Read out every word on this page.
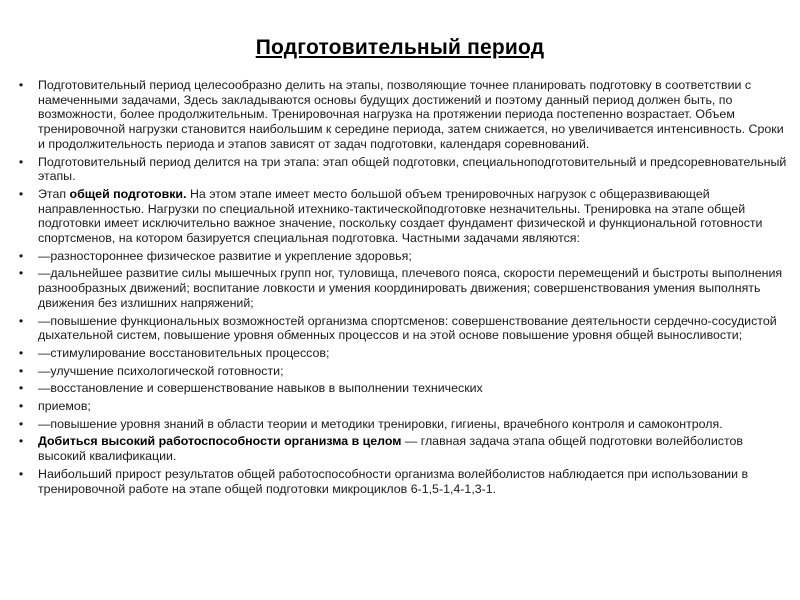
Подготовительный период
•	Подготовительный период целесообразно делить на этапы, позволяющие точнее планировать подготовку в соответствии с намеченными задачами, Здесь закладываются основы будущих достижений и поэтому данный период должен быть, по возможности, более продолжительным. Тренировочная нагрузка на протяжении периода постепенно возрастает. Объем тренировочной нагрузки становится наибольшим к середине периода, затем снижается, но увеличивается интенсивность. Сроки и продолжительность периода и этапов зависят от задач подготовки, календаря соревнований.
•	Подготовительный период делится на три этапа: этап общей подготовки, специальноподготовительный и предсоревновательный этапы.
•	Этап общей подготовки. На этом этапе имеет место большой объем тренировочных нагрузок с общеразвивающей направленностью. Нагрузки по специальной итехнико-тактическойподготовке незначительны. Тренировка на этапе общей подготовки имеет исключительно важное значение, поскольку создает фундамент физической и функциональной готовности спортсменов, на котором базируется специальная подготовка. Частными задачами являются:
•	—разностороннее физическое развитие и укрепление здоровья;
•	—дальнейшее развитие силы мышечных групп ног, туловища, плечевого пояса, скорости перемещений и быстроты выполнения разнообразных движений; воспитание ловкости и умения координировать движения; совершенствования умения выполнять движения без излишних напряжений;
•	—повышение функциональных возможностей организма спортсменов: совершенствование деятельности сердечно-сосудистой дыхательной систем, повышение уровня обменных процессов и на этой основе повышение уровня общей выносливости;
•	—стимулирование восстановительных процессов;
•	—улучшение психологической готовности;
•	—восстановление и совершенствование навыков в выполнении технических
•	приемов;
•	—повышение уровня знаний в области теории и методики тренировки, гигиены, врачебного контроля и самоконтроля.
•	Добиться высокий работоспособности организма в целом — главная задача этапа общей подготовки волейболистов высокий квалификации.
•	Наибольший прирост результатов общей работоспособности организма волейболистов наблюдается при использовании в тренировочной работе на этапе общей подготовки микроциклов 6-1,5-1,4-1,3-1.
